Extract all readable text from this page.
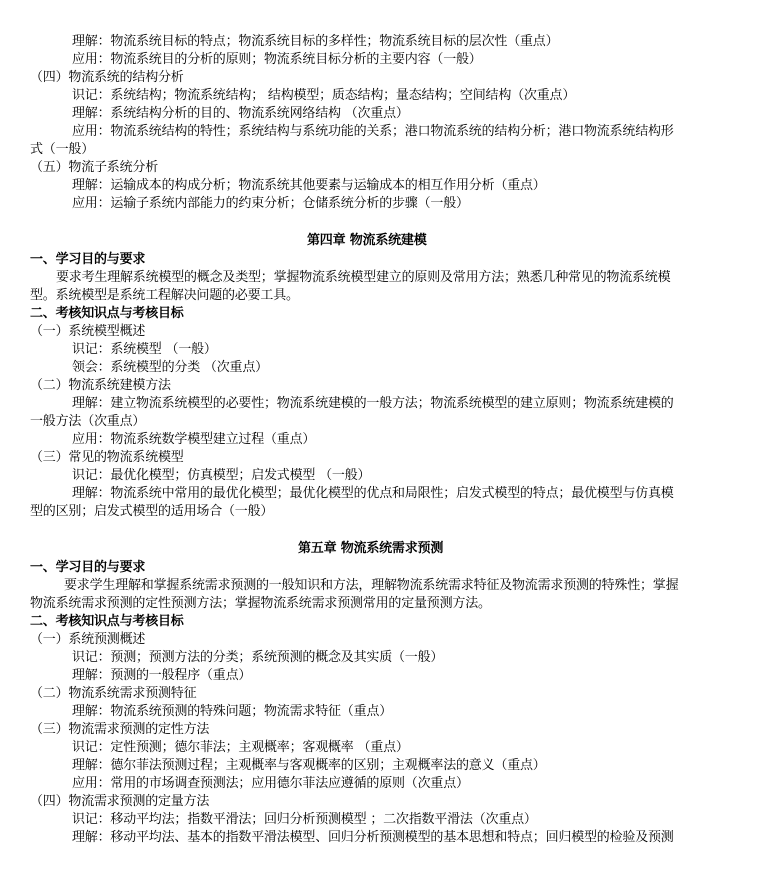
理解：物流系统目标的特点；物流系统目标的多样性；物流系统目标的层次性（重点）
应用：物流系统目的分析的原则；物流系统目标分析的主要内容（一般）
（四）物流系统的结构分析
识记：系统结构；物流系统结构； 结构模型；质态结构；量态结构；空间结构（次重点）
理解：系统结构分析的目的、物流系统网络结构 （次重点）
应用：物流系统结构的特性；系统结构与系统功能的关系；港口物流系统的结构分析；港口物流系统结构形
式（一般）
（五）物流子系统分析
理解：运输成本的构成分析；物流系统其他要素与运输成本的相互作用分析（重点）
应用：运输子系统内部能力的约束分析；仓储系统分析的步骤（一般）
第四章 物流系统建模
一、学习目的与要求
要求考生理解系统模型的概念及类型；掌握物流系统模型建立的原则及常用方法；熟悉几种常见的物流系统模
型。系统模型是系统工程解决问题的必要工具。
二、考核知识点与考核目标
（一）系统模型概述
识记：系统模型 （一般）
领会：系统模型的分类 （次重点）
（二）物流系统建模方法
理解：建立物流系统模型的必要性；物流系统建模的一般方法；物流系统模型的建立原则；物流系统建模的
一般方法（次重点）
应用：物流系统数学模型建立过程（重点）
（三）常见的物流系统模型
识记：最优化模型；仿真模型；启发式模型 （一般）
理解：物流系统中常用的最优化模型；最优化模型的优点和局限性；启发式模型的特点；最优模型与仿真模
型的区别；启发式模型的适用场合（一般）
第五章 物流系统需求预测
一、学习目的与要求
要求学生理解和掌握系统需求预测的一般知识和方法，理解物流系统需求特征及物流需求预测的特殊性；掌握
物流系统需求预测的定性预测方法；掌握物流系统需求预测常用的定量预测方法。
二、考核知识点与考核目标
（一）系统预测概述
识记：预测；预测方法的分类；系统预测的概念及其实质（一般）
理解：预测的一般程序（重点）
（二）物流系统需求预测特征
理解：物流系统预测的特殊问题；物流需求特征（重点）
（三）物流需求预测的定性方法
识记：定性预测；德尔菲法；主观概率；客观概率 （重点）
理解：德尔菲法预测过程；主观概率与客观概率的区别；主观概率法的意义（重点）
应用：常用的市场调查预测法；应用德尔菲法应遵循的原则（次重点）
（四）物流需求预测的定量方法
识记：移动平均法；指数平滑法；回归分析预测模型 ；二次指数平滑法（次重点）
理解：移动平均法、基本的指数平滑法模型、回归分析预测模型的基本思想和特点；回归模型的检验及预测
